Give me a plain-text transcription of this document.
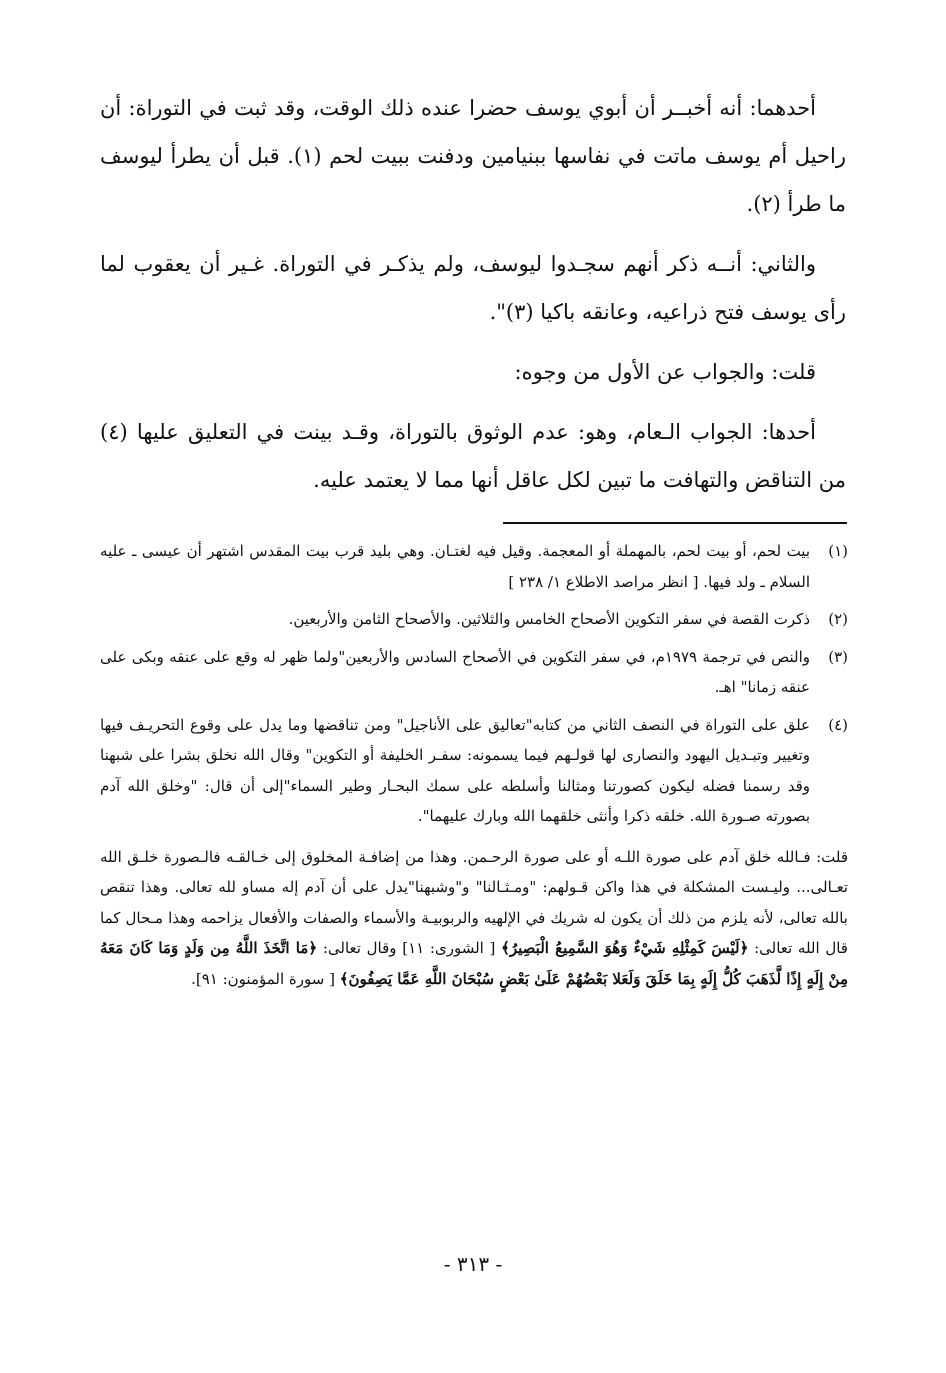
أحدهما: أنه أخبــر أن أبوي يوسف حضرا عنده ذلك الوقت، وقد ثبت في التوراة: أن راحيل أم يوسف ماتت في نفاسها ببنيامين ودفنت ببيت لحم (١). قبل أن يطرأ ليوسف ما طرأ (٢).

والثاني: أنــه ذكر أنهم سجـدوا ليوسف، ولم يذكـر في التوراة. غـير أن يعقوب لما رأى يوسف فتح ذراعيه، وعانقه باكيا (٣)".

قلت: والجواب عن الأول من وجوه:

أحدها: الجواب الـعام، وهو: عدم الوثوق بالتوراة، وقـد بينت في التعليق عليها (٤) من التناقض والتهافت ما تبين لكل عاقل أنها مما لا يعتمد عليه.

(١)
بيت لحم، أو بيت لحم، بالمهملة أو المعجمة. وقيل فيه لغتـان. وهي بليد قرب بيت المقدس اشتهر أن عيسى ـ عليه السلام ـ ولد فيها. [ انظر مراصد الاطلاع ١/ ٢٣٨ ]
(٢)
ذكرت القصة في سفر التكوين الأصحاح الخامس والثلاثين. والأصحاح الثامن والأربعين.
(٣)
والنص في ترجمة ١٩٧٩م، في سفر التكوين في الأصحاح السادس والأربعين"ولما ظهر له وقع على عنقه وبكى على عنقه زمانا" اهـ.
(٤)
علق على التوراة في النصف الثاني من كتابه"تعاليق على الأناجيل" ومن تناقضها وما يدل على وقوع التحريـف فيها وتغيير وتبـديل اليهود والنصارى لها قولـهم فيما يسمونه: سفـر الخليفة أو التكوين" وقال الله نخلق بشرا على شبهنا وقد رسمنا فضله ليكون كصورتنا ومثالنا وأسلطه على سمك البحـار وطير السماء"إلى أن قال: "وخلق الله آدم بصورته صـورة الله. خلقه ذكرا وأنثى خلقهما الله وبارك عليهما".
قلت: فـالله خلق آدم على صورة اللـه أو على صورة الرحـمن. وهذا من إضافـة المخلوق إلى خـالقـه فالـصورة خلـق الله تعـالى... وليـست المشكلة في هذا واكن قـولهم: "ومـثـالنا" و"وشبهنا"يدل على أن آدم إله مساو لله تعالى. وهذا تنقص بالله تعالى، لأنه يلزم من ذلك أن يكون له شريك في الإلهيه والربوبيـة والأسماء والصفات والأفعال يزاحمه وهذا مـحال كما قال الله تعالى: ﴿لَيْسَ كَمِثْلِهِ شَيْءٌ وَهُوَ السَّمِيعُ الْبَصِيرُ﴾ [ الشورى: ١١] وقال تعالى: ﴿مَا اتَّخَذَ اللَّهُ مِن وَلَدٍ وَمَا كَانَ مَعَهُ مِنْ إِلَهٍ إِذًا لَّذَهَبَ كُلُّ إِلَهٍ بِمَا خَلَقَ وَلَعَلا بَعْضُهُمْ عَلَىٰ بَعْضٍ سُبْحَانَ اللَّهِ عَمَّا يَصِفُونَ﴾ [ سورة المؤمنون: ٩١].
- ٣١٣ -
